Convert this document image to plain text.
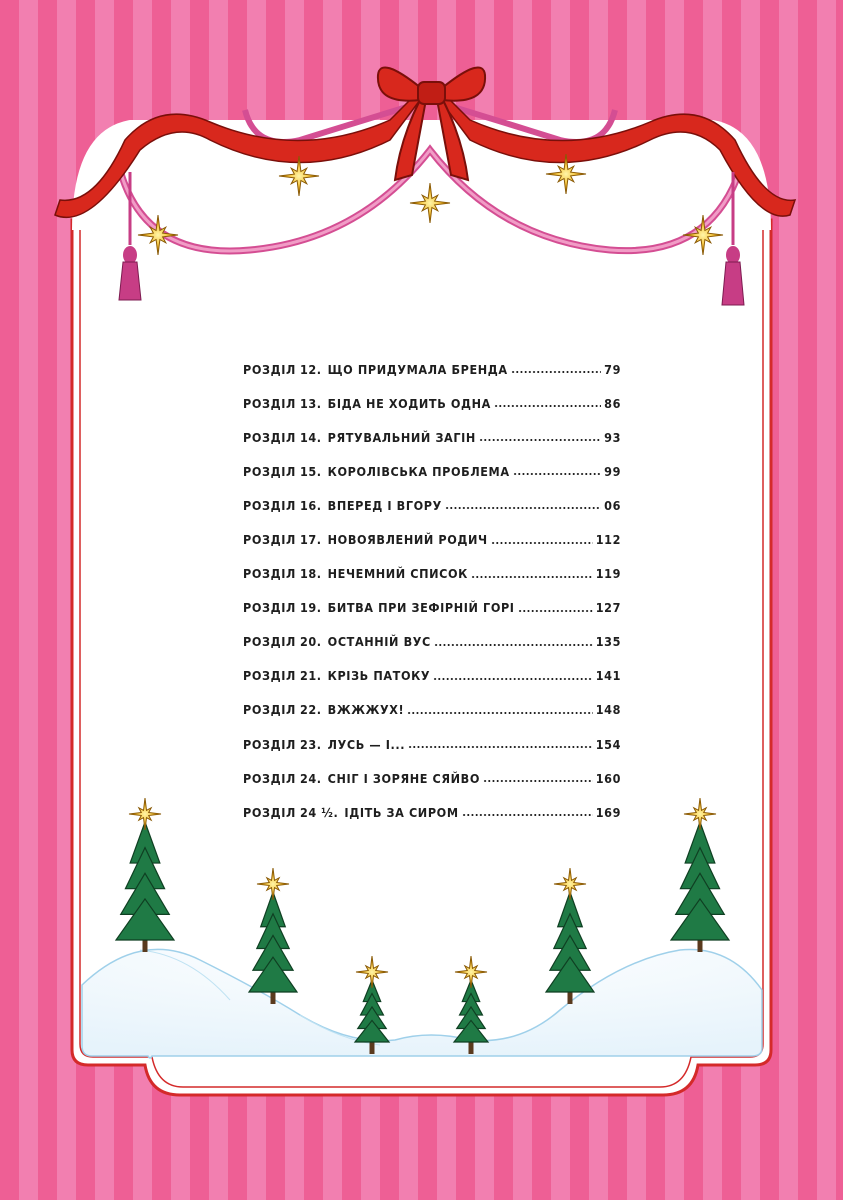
РОЗДІЛ 12. ЩО ПРИДУМАЛА БРЕНДА	79
РОЗДІЛ 13. БІДА НЕ ХОДИТЬ ОДНА	86
РОЗДІЛ 14. РЯТУВАЛЬНИЙ ЗАГІН	93
РОЗДІЛ 15. КОРОЛІВСЬКА ПРОБЛЕМА	99
РОЗДІЛ 16. ВПЕРЕД І ВГОРУ	06
РОЗДІЛ 17. НОВОЯВЛЕНИЙ РОДИЧ	112
РОЗДІЛ 18. НЕЧЕМНИЙ СПИСОК	119
РОЗДІЛ 19. БИТВА ПРИ ЗЕФІРНІЙ ГОРІ	127
РОЗДІЛ 20. ОСТАННІЙ ВУС	135
РОЗДІЛ 21. КРІЗЬ ПАТОКУ	141
РОЗДІЛ 22. ВЖЖЖУХ!	148
РОЗДІЛ 23. ЛУСЬ — І...	154
РОЗДІЛ 24. СНІГ І ЗОРЯНЕ СЯЙВО	160
РОЗДІЛ 24 ½. ІДІТЬ ЗА СИРОМ	169
